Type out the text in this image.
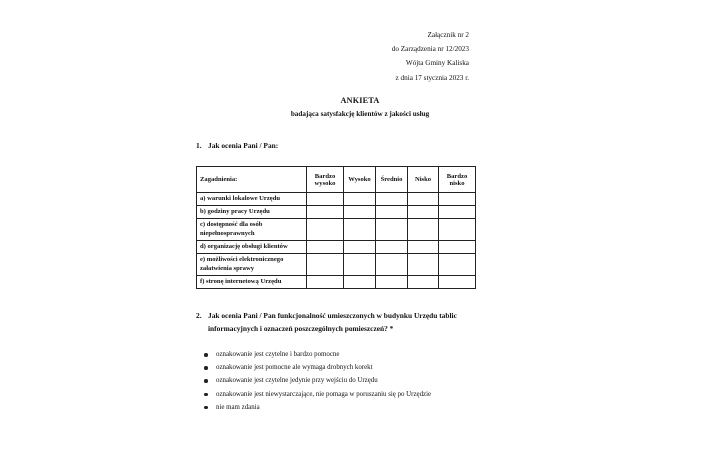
Załącznik nr 2
do Zarządzenia nr 12/2023
Wójta Gminy Kaliska
z dnia 17 stycznia 2023 r.
ANKIETA
badająca satysfakcję klientów z jakości usług
1. Jak ocenia Pani / Pan:
Zagadnienia:	Bardzo wysoko	Wysoko	Średnio	Nisko	Bardzo nisko
a) warunki lokalowe Urzędu					
b) godziny pracy Urzędu					
c) dostępność dla osób niepełnosprawnych					
d) organizację obsługi klientów					
e) możliwości elektronicznego załatwienia sprawy					
f) stronę internetową Urzędu					
2. Jak ocenia Pani / Pan funkcjonalność umieszczonych w budynku Urzędu tablic
informacyjnych i oznaczeń poszczególnych pomieszczeń? *
oznakowanie jest czytelne i bardzo pomocne
oznakowanie jest pomocne ale wymaga drobnych korekt
oznakowanie jest czytelne jedynie przy wejściu do Urzędu
oznakowanie jest niewystarczające, nie pomaga w poruszaniu się po Urzędzie
nie mam zdania
